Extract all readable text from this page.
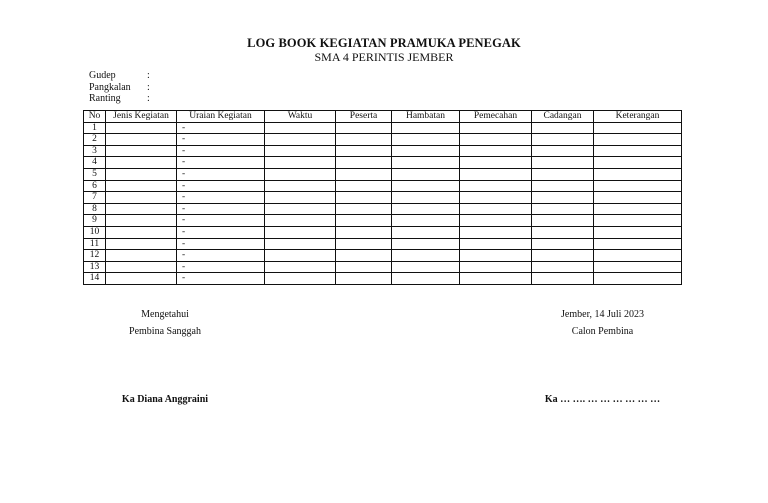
LOG BOOK KEGIATAN PRAMUKA PENEGAK
SMA 4 PERINTIS JEMBER
Gudep	:
Pangkalan	:
Ranting	:
No	Jenis Kegiatan	Uraian Kegiatan	Waktu	Peserta	Hambatan	Pemecahan	Cadangan	Keterangan
1		-						
2		-						
3		-						
4		-						
5		-						
6		-						
7		-						
8		-						
9		-						
10		-						
11		-						
12		-						
13		-						
14		-						
Mengetahui
Pembina Sanggah
Ka Diana Anggraini
Jember, 14 Juli 2023
Calon Pembina
Ka … …. … … … … … …
